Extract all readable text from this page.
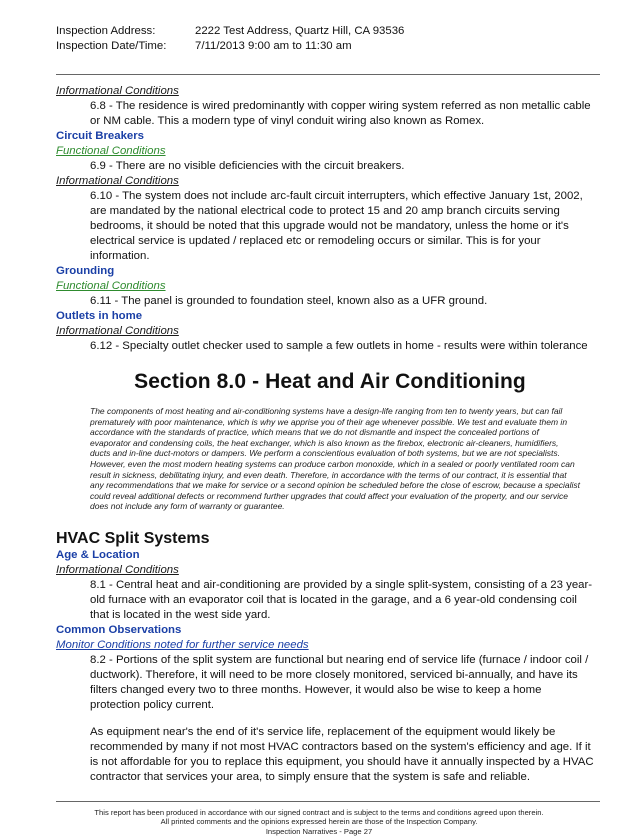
Inspection Address:	2222 Test Address, Quartz Hill, CA 93536
Inspection Date/Time:	7/11/2013 9:00 am to 11:30 am
Informational Conditions

6.8 - The residence is wired predominantly with copper wiring system referred as non metallic cable or NM cable. This a modern type of vinyl conduit wiring also known as Romex.

Circuit Breakers
Functional Conditions

6.9 - There are no visible deficiencies with the circuit breakers.

Informational Conditions

6.10 - The system does not include arc-fault circuit interrupters, which effective January 1st, 2002, are mandated by the national electrical code to protect 15 and 20 amp branch circuits serving bedrooms, it should be noted that this upgrade would not be mandatory, unless the home or it's electrical service is updated / replaced etc or remodeling occurs or similar. This is for your information.

Grounding
Functional Conditions

6.11 - The panel is grounded to foundation steel, known also as a UFR ground.

Outlets in home
Informational Conditions

6.12 - Specialty outlet checker used to sample a few outlets in home - results were within tolerance

Section 8.0 - Heat and Air Conditioning

The components of most heating and air-conditioning systems have a design-life ranging from ten to twenty years, but can fail prematurely with poor maintenance, which is why we apprise you of their age whenever possible. We test and evaluate them in accordance with the standards of practice, which means that we do not dismantle and inspect the concealed portions of evaporator and condensing coils, the heat exchanger, which is also known as the firebox, electronic air-cleaners, humidifiers, ducts and in-line duct-motors or dampers. We perform a conscientious evaluation of both systems, but we are not specialists. However, even the most modern heating systems can produce carbon monoxide, which in a sealed or poorly ventilated room can result in sickness, debilitating injury, and even death. Therefore, in accordance with the terms of our contract, it is essential that any recommendations that we make for service or a second opinion be scheduled before the close of escrow, because a specialist could reveal additional defects or recommend further upgrades that could affect your evaluation of the property, and our service does not include any form of warranty or guarantee.

HVAC Split Systems
Age & Location
Informational Conditions

8.1 - Central heat and air-conditioning are provided by a single split-system, consisting of a 23 year-old furnace with an evaporator coil that is located in the garage, and a 6 year-old condensing coil that is located in the west side yard.

Common Observations
Monitor Conditions noted for further service needs

8.2 - Portions of the split system are functional but nearing end of service life (furnace / indoor coil / ductwork). Therefore, it will need to be more closely monitored, serviced bi-annually, and have its filters changed every two to three months. However, it would also be wise to keep a home protection policy current.

As equipment near's the end of it's service life, replacement of the equipment would likely be recommended by many if not most HVAC contractors based on the system's efficiency and age. If it is not affordable for you to replace this equipment, you should have it annually inspected by a HVAC contractor that services your area, to simply ensure that the system is safe and reliable.

This report has been produced in accordance with our signed contract and is subject to the terms and conditions agreed upon therein.
All printed comments and the opinions expressed herein are those of the Inspection Company.
Inspection Narratives - Page 27
